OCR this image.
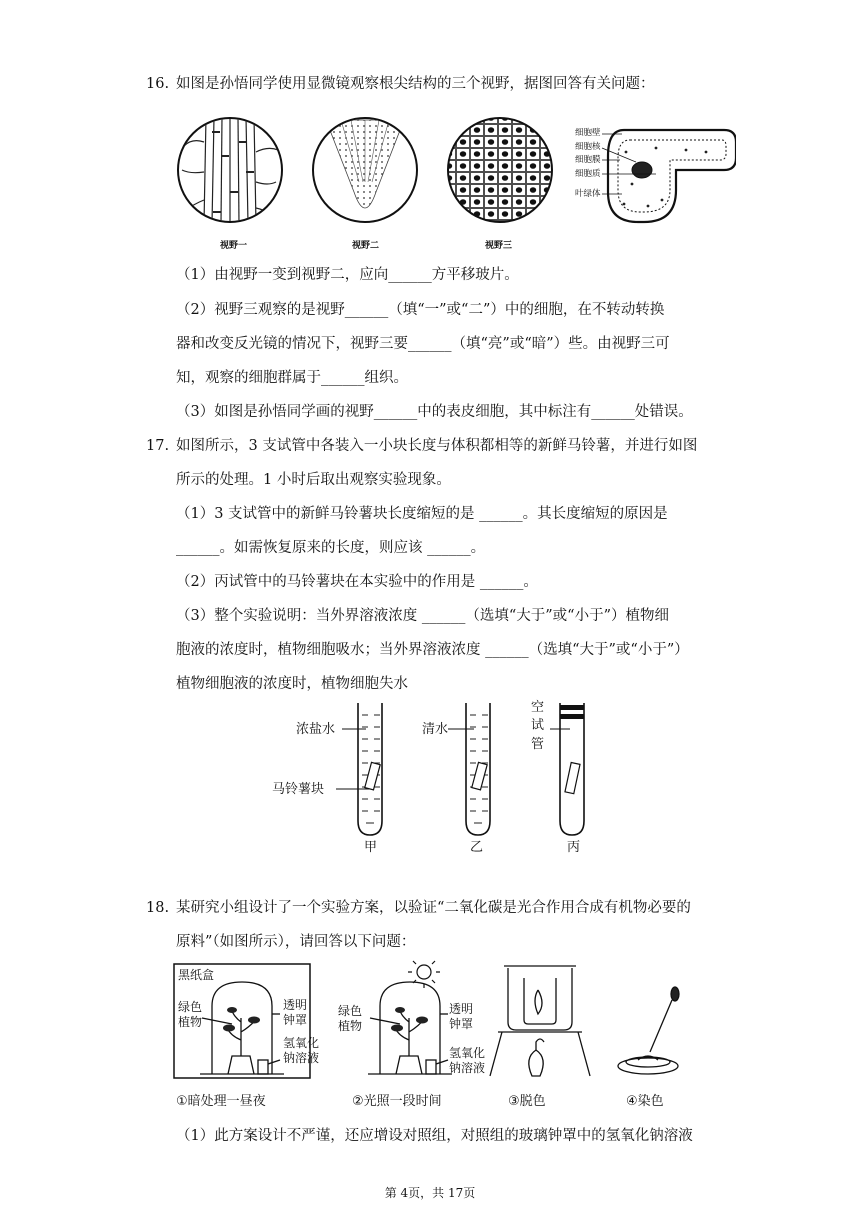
16. 如图是孙悟同学使用显微镜观察根尖结构的三个视野，据图回答有关问题：
视野一	视野二	视野三
细胞壁
细胞核
细胞膜
细胞质
叶绿体
（1）由视野一变到视野二，应向______方平移玻片。
（2）视野三观察的是视野______（填“一”或“二”）中的细胞，在不转动转换
器和改变反光镜的情况下，视野三要______（填“亮”或“暗”）些。由视野三可
知，观察的细胞群属于______组织。
（3）如图是孙悟同学画的视野______中的表皮细胞，其中标注有______处错误。
17. 如图所示，3 支试管中各装入一小块长度与体积都相等的新鲜马铃薯，并进行如图
所示的处理。1 小时后取出观察实验现象。
（1）3 支试管中的新鲜马铃薯块长度缩短的是 ______。其长度缩短的原因是
______。如需恢复原来的长度，则应该 ______。
（2）丙试管中的马铃薯块在本实验中的作用是 ______。
（3）整个实验说明：当外界溶液浓度 ______（选填“大于”或“小于”）植物细
胞液的浓度时，植物细胞吸水；当外界溶液浓度 ______（选填“大于”或“小于”）
植物细胞液的浓度时，植物细胞失水
浓盐水
马铃薯块
清水
空
试
管
甲	乙	丙
18. 某研究小组设计了一个实验方案，以验证“二氧化碳是光合作用合成有机物必要的
原料”（如图所示），请回答以下问题：
黑纸盒
绿色
植物
透明
钟罩
氢氧化
钠溶液
绿色
植物
透明
钟罩
氢氧化
钠溶液
①暗处理一昼夜	②光照一段时间	③脱色	④染色
（1）此方案设计不严谨，还应增设对照组，对照组的玻璃钟罩中的氢氧化钠溶液
第 4页，共 17页
